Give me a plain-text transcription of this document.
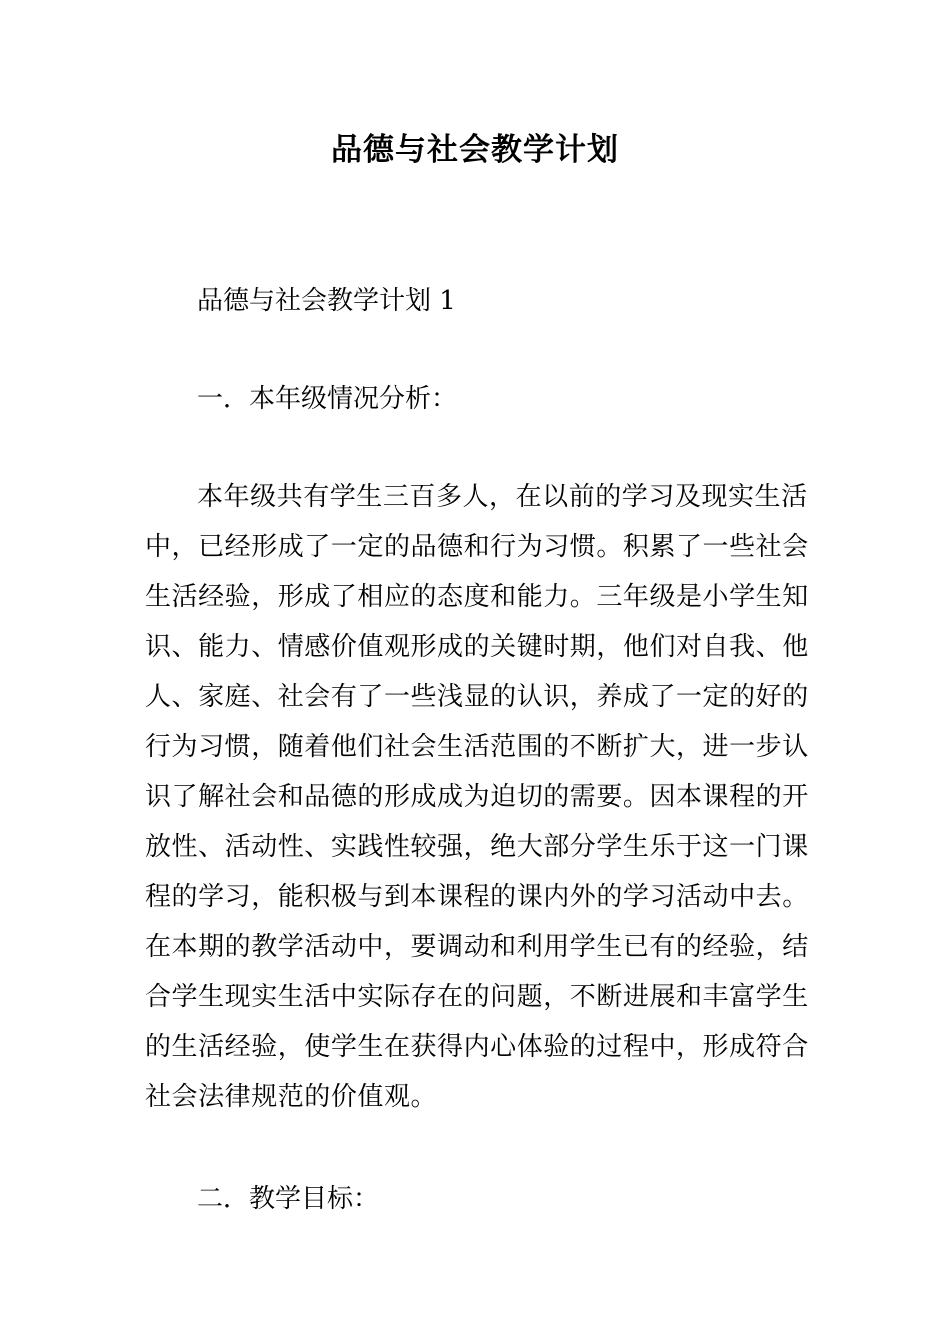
品德与社会教学计划

品德与社会教学计划 1

一．本年级情况分析：

本年级共有学生三百多人，在以前的学习及现实生活
中，已经形成了一定的品德和行为习惯。积累了一些社会
生活经验，形成了相应的态度和能力。三年级是小学生知
识、能力、情感价值观形成的关键时期，他们对自我、他
人、家庭、社会有了一些浅显的认识，养成了一定的好的
行为习惯，随着他们社会生活范围的不断扩大，进一步认
识了解社会和品德的形成成为迫切的需要。因本课程的开
放性、活动性、实践性较强，绝大部分学生乐于这一门课
程的学习，能积极与到本课程的课内外的学习活动中去。
在本期的教学活动中，要调动和利用学生已有的经验，结
合学生现实生活中实际存在的问题，不断进展和丰富学生
的生活经验，使学生在获得内心体验的过程中，形成符合
社会法律规范的价值观。

二．教学目标：
